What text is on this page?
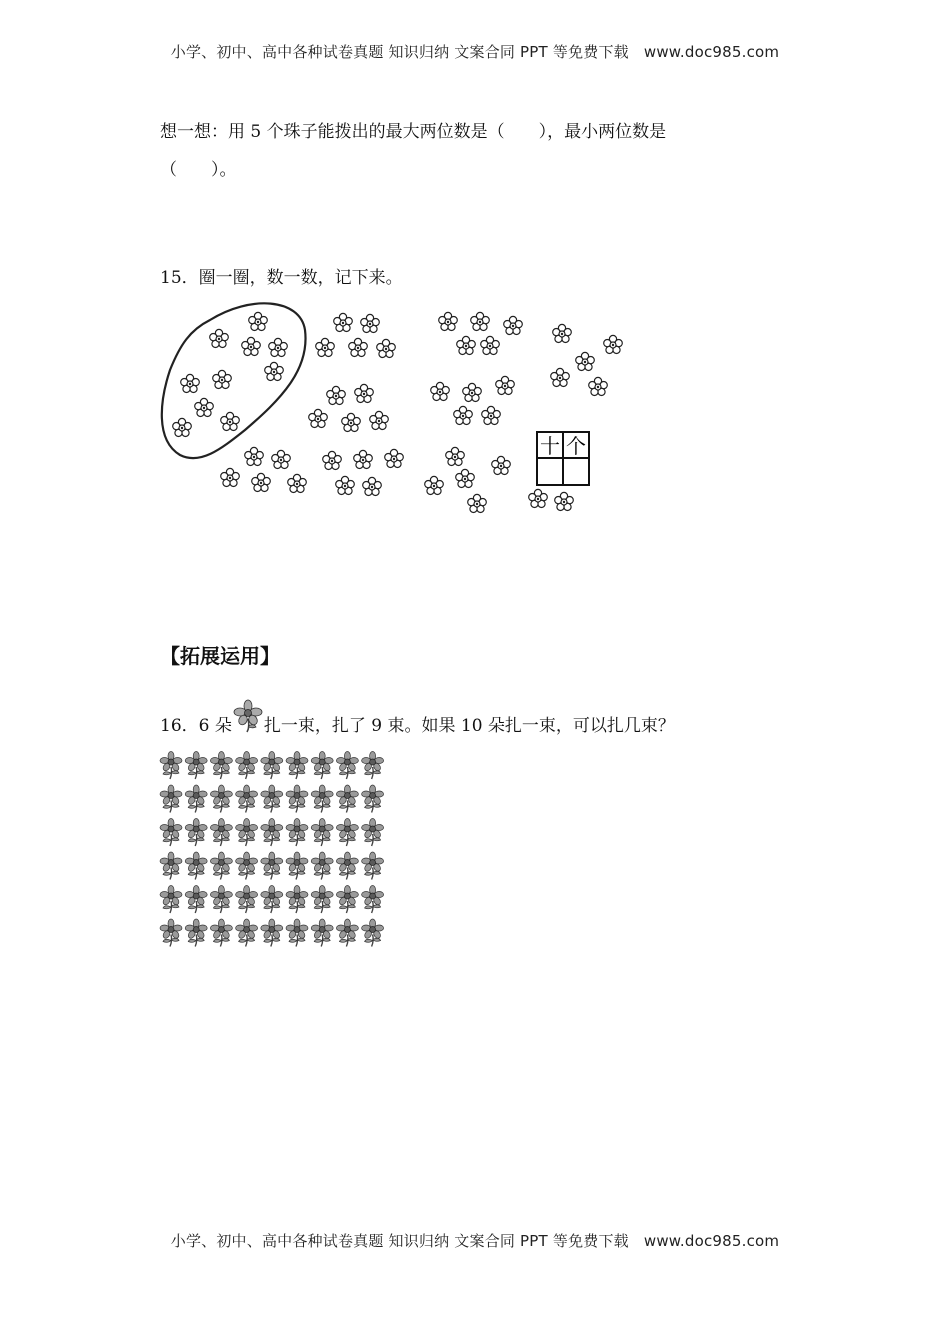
小学、初中、高中各种试卷真题 知识归纳 文案合同 PPT 等免费下载 www.doc985.com
想一想：用 5 个珠子能拨出的最大两位数是（　　），最小两位数是
（　　）。
15．圈一圈，数一数，记下来。
十 个
【拓展运用】
16．6 朵 扎一束，扎了 9 束。如果 10 朵扎一束，可以扎几束？
小学、初中、高中各种试卷真题 知识归纳 文案合同 PPT 等免费下载 www.doc985.com
